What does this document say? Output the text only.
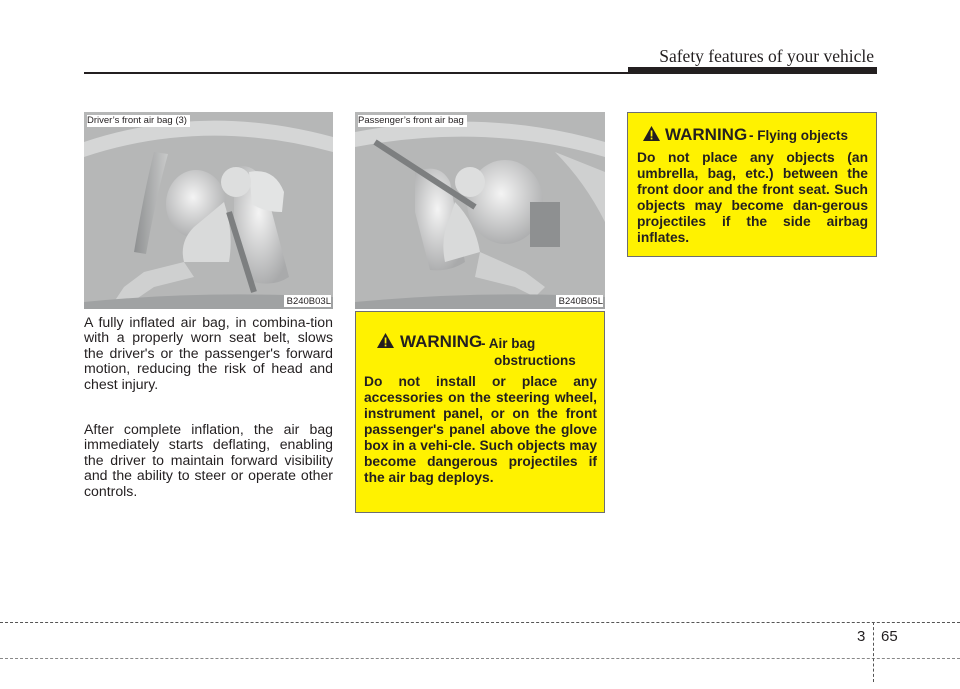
Safety features of your vehicle
Driver’s front air bag (3)
B240B03L
Passenger’s front air bag
B240B05L

A fully inflated air bag, in combina-tion with a properly worn seat belt, slows the driver's or the passenger's forward motion, reducing the risk of head and chest injury.

After complete inflation, the air bag immediately starts deflating, enabling the driver to maintain forward visibility and the ability to steer or operate other controls.

WARNING
- Air bag
obstructions
Do not install or place any accessories on the steering wheel, instrument panel, or on the front passenger's panel above the glove box in a vehi-cle. Such objects may become dangerous projectiles if the air bag deploys.
WARNING - Flying objects
Do not place any objects (an umbrella, bag, etc.) between the front door and the front seat. Such objects may become dan-gerous projectiles if the side airbag inflates.
3 65
